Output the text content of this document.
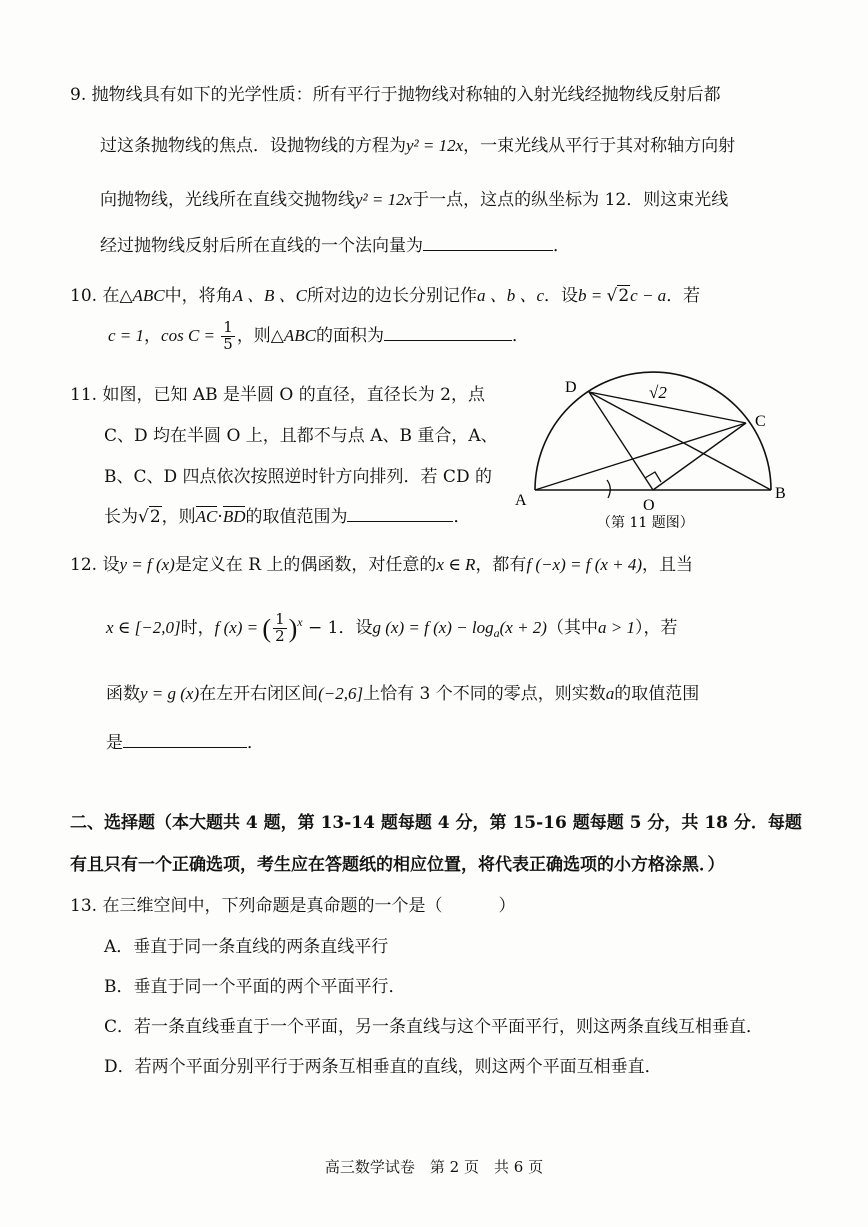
9. 抛物线具有如下的光学性质：所有平行于抛物线对称轴的入射光线经抛物线反射后都
过这条抛物线的焦点．设抛物线的方程为y² = 12x，一束光线从平行于其对称轴方向射
向抛物线，光线所在直线交抛物线y² = 12x于一点，这点的纵坐标为 12．则这束光线
经过抛物线反射后所在直线的一个法向量为	．
10. 在△ABC中，将角A 、B 、C所对边的边长分别记作a 、b 、c．设b = √2c − a．若
c = 1，$\cos C = \frac{1}{5}$ ，则△ABC的面积为	．
11. 如图，已知 AB 是半圆 O 的直径，直径长为 2，点
C、D 均在半圆 O 上，且都不与点 A、B 重合，A、
B、C、D 四点依次按照逆时针方向排列．若 CD 的
长为√2，则AC·BD的取值范围为	．
D
C
A	B
O
√2
（第 11 题图）
12. 设y = f (x)是定义在 R 上的偶函数，对任意的x ∈ R，都有f (−x) = f (x + 4)，且当
x ∈ [−2,0]时，f (x) = ( $\frac{1}{2} )^x - 1$．设g (x) = f $(x) - \log_a(x + 2)$（其中a > 1），若
函数y = g (x)在左开右闭区间(−2,6]上恰有 3 个不同的零点，则实数a的取值范围
是	．
二、选择题（本大题共 4 题，第 13-14 题每题 4 分，第 15-16 题每题 5 分，共 18 分．每题
有且只有一个正确选项，考生应在答题纸的相应位置，将代表正确选项的小方格涂黑．）
13. 在三维空间中，下列命题是真命题的一个是（	）
A．垂直于同一条直线的两条直线平行
B．垂直于同一个平面的两个平面平行．
C．若一条直线垂直于一个平面，另一条直线与这个平面平行，则这两条直线互相垂直．
D．若两个平面分别平行于两条互相垂直的直线，则这两个平面互相垂直．
高三数学试卷　第 2 页　共 6 页
